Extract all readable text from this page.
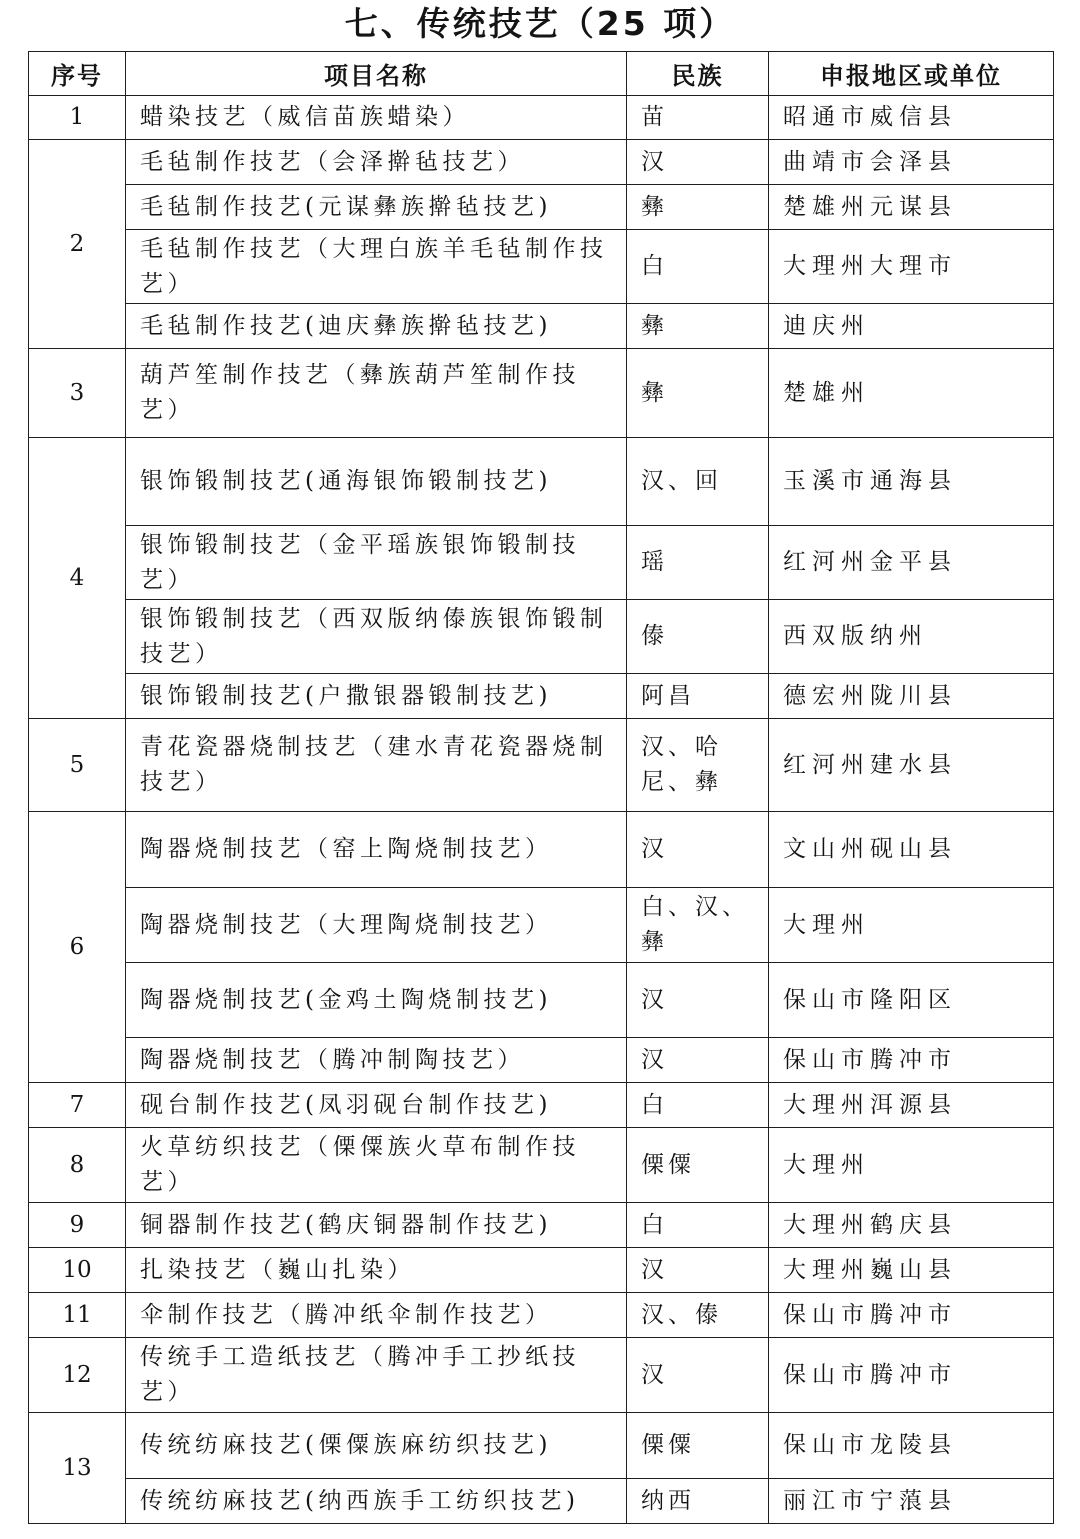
七、传统技艺（25 项）
序号	项目名称	民族	申报地区或单位
1	蜡染技艺（威信苗族蜡染）	苗	昭通市威信县
2	毛毡制作技艺（会泽擀毡技艺）	汉	曲靖市会泽县
	毛毡制作技艺(元谋彝族擀毡技艺)	彝	楚雄州元谋县
	毛毡制作技艺（大理白族羊毛毡制作技艺）	白	大理州大理市
	毛毡制作技艺(迪庆彝族擀毡技艺)	彝	迪庆州
3	葫芦笙制作技艺（彝族葫芦笙制作技艺）	彝	楚雄州
4	银饰锻制技艺(通海银饰锻制技艺)	汉、回	玉溪市通海县
	银饰锻制技艺（金平瑶族银饰锻制技艺）	瑶	红河州金平县
	银饰锻制技艺（西双版纳傣族银饰锻制技艺）	傣	西双版纳州
	银饰锻制技艺(户撒银器锻制技艺)	阿昌	德宏州陇川县
5	青花瓷器烧制技艺（建水青花瓷器烧制技艺）	汉、哈尼、彝	红河州建水县
6	陶器烧制技艺（窑上陶烧制技艺）	汉	文山州砚山县
	陶器烧制技艺（大理陶烧制技艺）	白、汉、彝	大理州
	陶器烧制技艺(金鸡土陶烧制技艺)	汉	保山市隆阳区
	陶器烧制技艺（腾冲制陶技艺）	汉	保山市腾冲市
7	砚台制作技艺(凤羽砚台制作技艺)	白	大理州洱源县
8	火草纺织技艺（傈僳族火草布制作技艺）	傈僳	大理州
9	铜器制作技艺(鹤庆铜器制作技艺)	白	大理州鹤庆县
10	扎染技艺（巍山扎染）	汉	大理州巍山县
11	伞制作技艺（腾冲纸伞制作技艺）	汉、傣	保山市腾冲市
12	传统手工造纸技艺（腾冲手工抄纸技艺）	汉	保山市腾冲市
13	传统纺麻技艺(傈僳族麻纺织技艺)	傈僳	保山市龙陵县
	传统纺麻技艺(纳西族手工纺织技艺)	纳西	丽江市宁蒗县
